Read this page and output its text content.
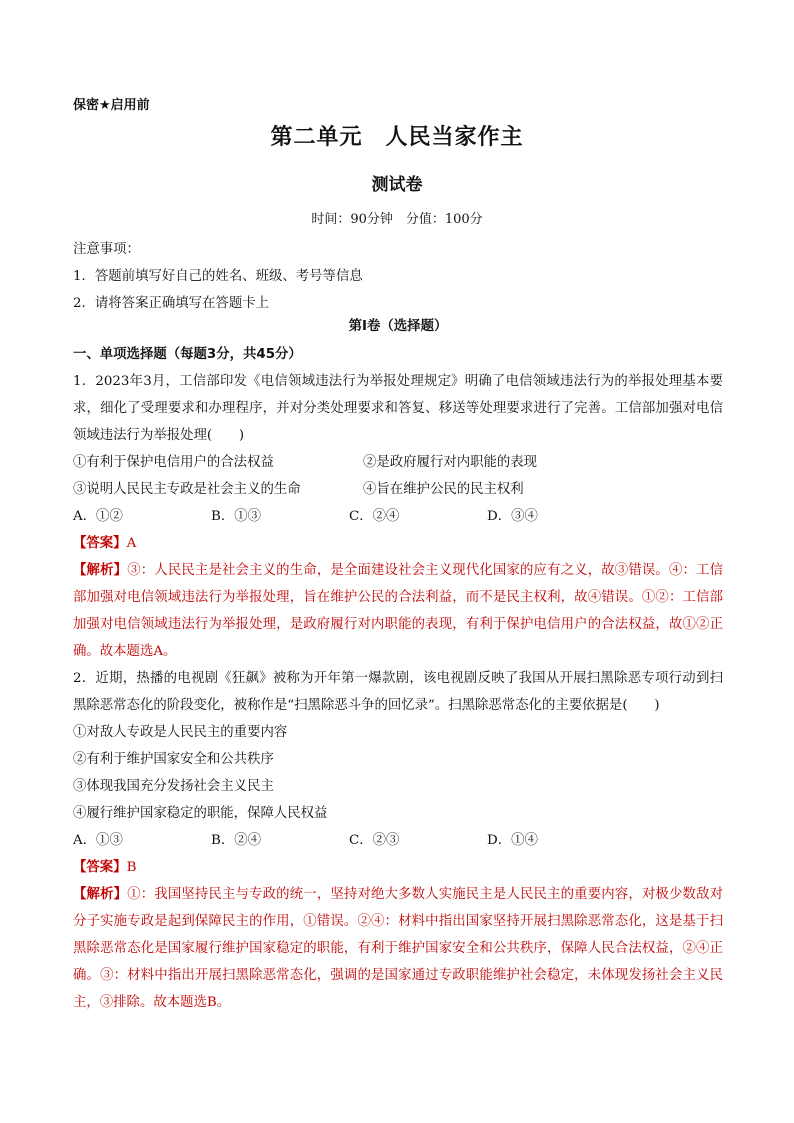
保密★启用前
第二单元　人民当家作主
测试卷
时间：90分钟　分值：100分
注意事项：
1．答题前填写好自己的姓名、班级、考号等信息
2．请将答案正确填写在答题卡上
第Ⅰ卷（选择题）
一、单项选择题（每题3分，共45分）
1．2023年3月，工信部印发《电信领域违法行为举报处理规定》明确了电信领域违法行为的举报处理基本要求，细化了受理要求和办理程序，并对分类处理要求和答复、移送等处理要求进行了完善。工信部加强对电信领域违法行为举报处理(　　)
①有利于保护电信用户的合法权益	②是政府履行对内职能的表现
③说明人民民主专政是社会主义的生命	④旨在维护公民的民主权利
A．①②	B．①③	C．②④	D．③④
【答案】A
【解析】③：人民民主是社会主义的生命，是全面建设社会主义现代化国家的应有之义，故③错误。④：工信部加强对电信领域违法行为举报处理，旨在维护公民的合法利益，而不是民主权利，故④错误。①②：工信部加强对电信领域违法行为举报处理，是政府履行对内职能的表现，有利于保护电信用户的合法权益，故①②正确。故本题选A。
2．近期，热播的电视剧《狂飙》被称为开年第一爆款剧，该电视剧反映了我国从开展扫黑除恶专项行动到扫黑除恶常态化的阶段变化，被称作是“扫黑除恶斗争的回忆录”。扫黑除恶常态化的主要依据是(　　)
①对敌人专政是人民民主的重要内容
②有利于维护国家安全和公共秩序
③体现我国充分发扬社会主义民主
④履行维护国家稳定的职能，保障人民权益
A．①③	B．②④	C．②③	D．①④
【答案】B
【解析】①：我国坚持民主与专政的统一，坚持对绝大多数人实施民主是人民民主的重要内容，对极少数敌对分子实施专政是起到保障民主的作用，①错误。②④：材料中指出国家坚持开展扫黑除恶常态化，这是基于扫黑除恶常态化是国家履行维护国家稳定的职能，有利于维护国家安全和公共秩序，保障人民合法权益，②④正确。③：材料中指出开展扫黑除恶常态化，强调的是国家通过专政职能维护社会稳定，未体现发扬社会主义民主，③排除。故本题选B。
